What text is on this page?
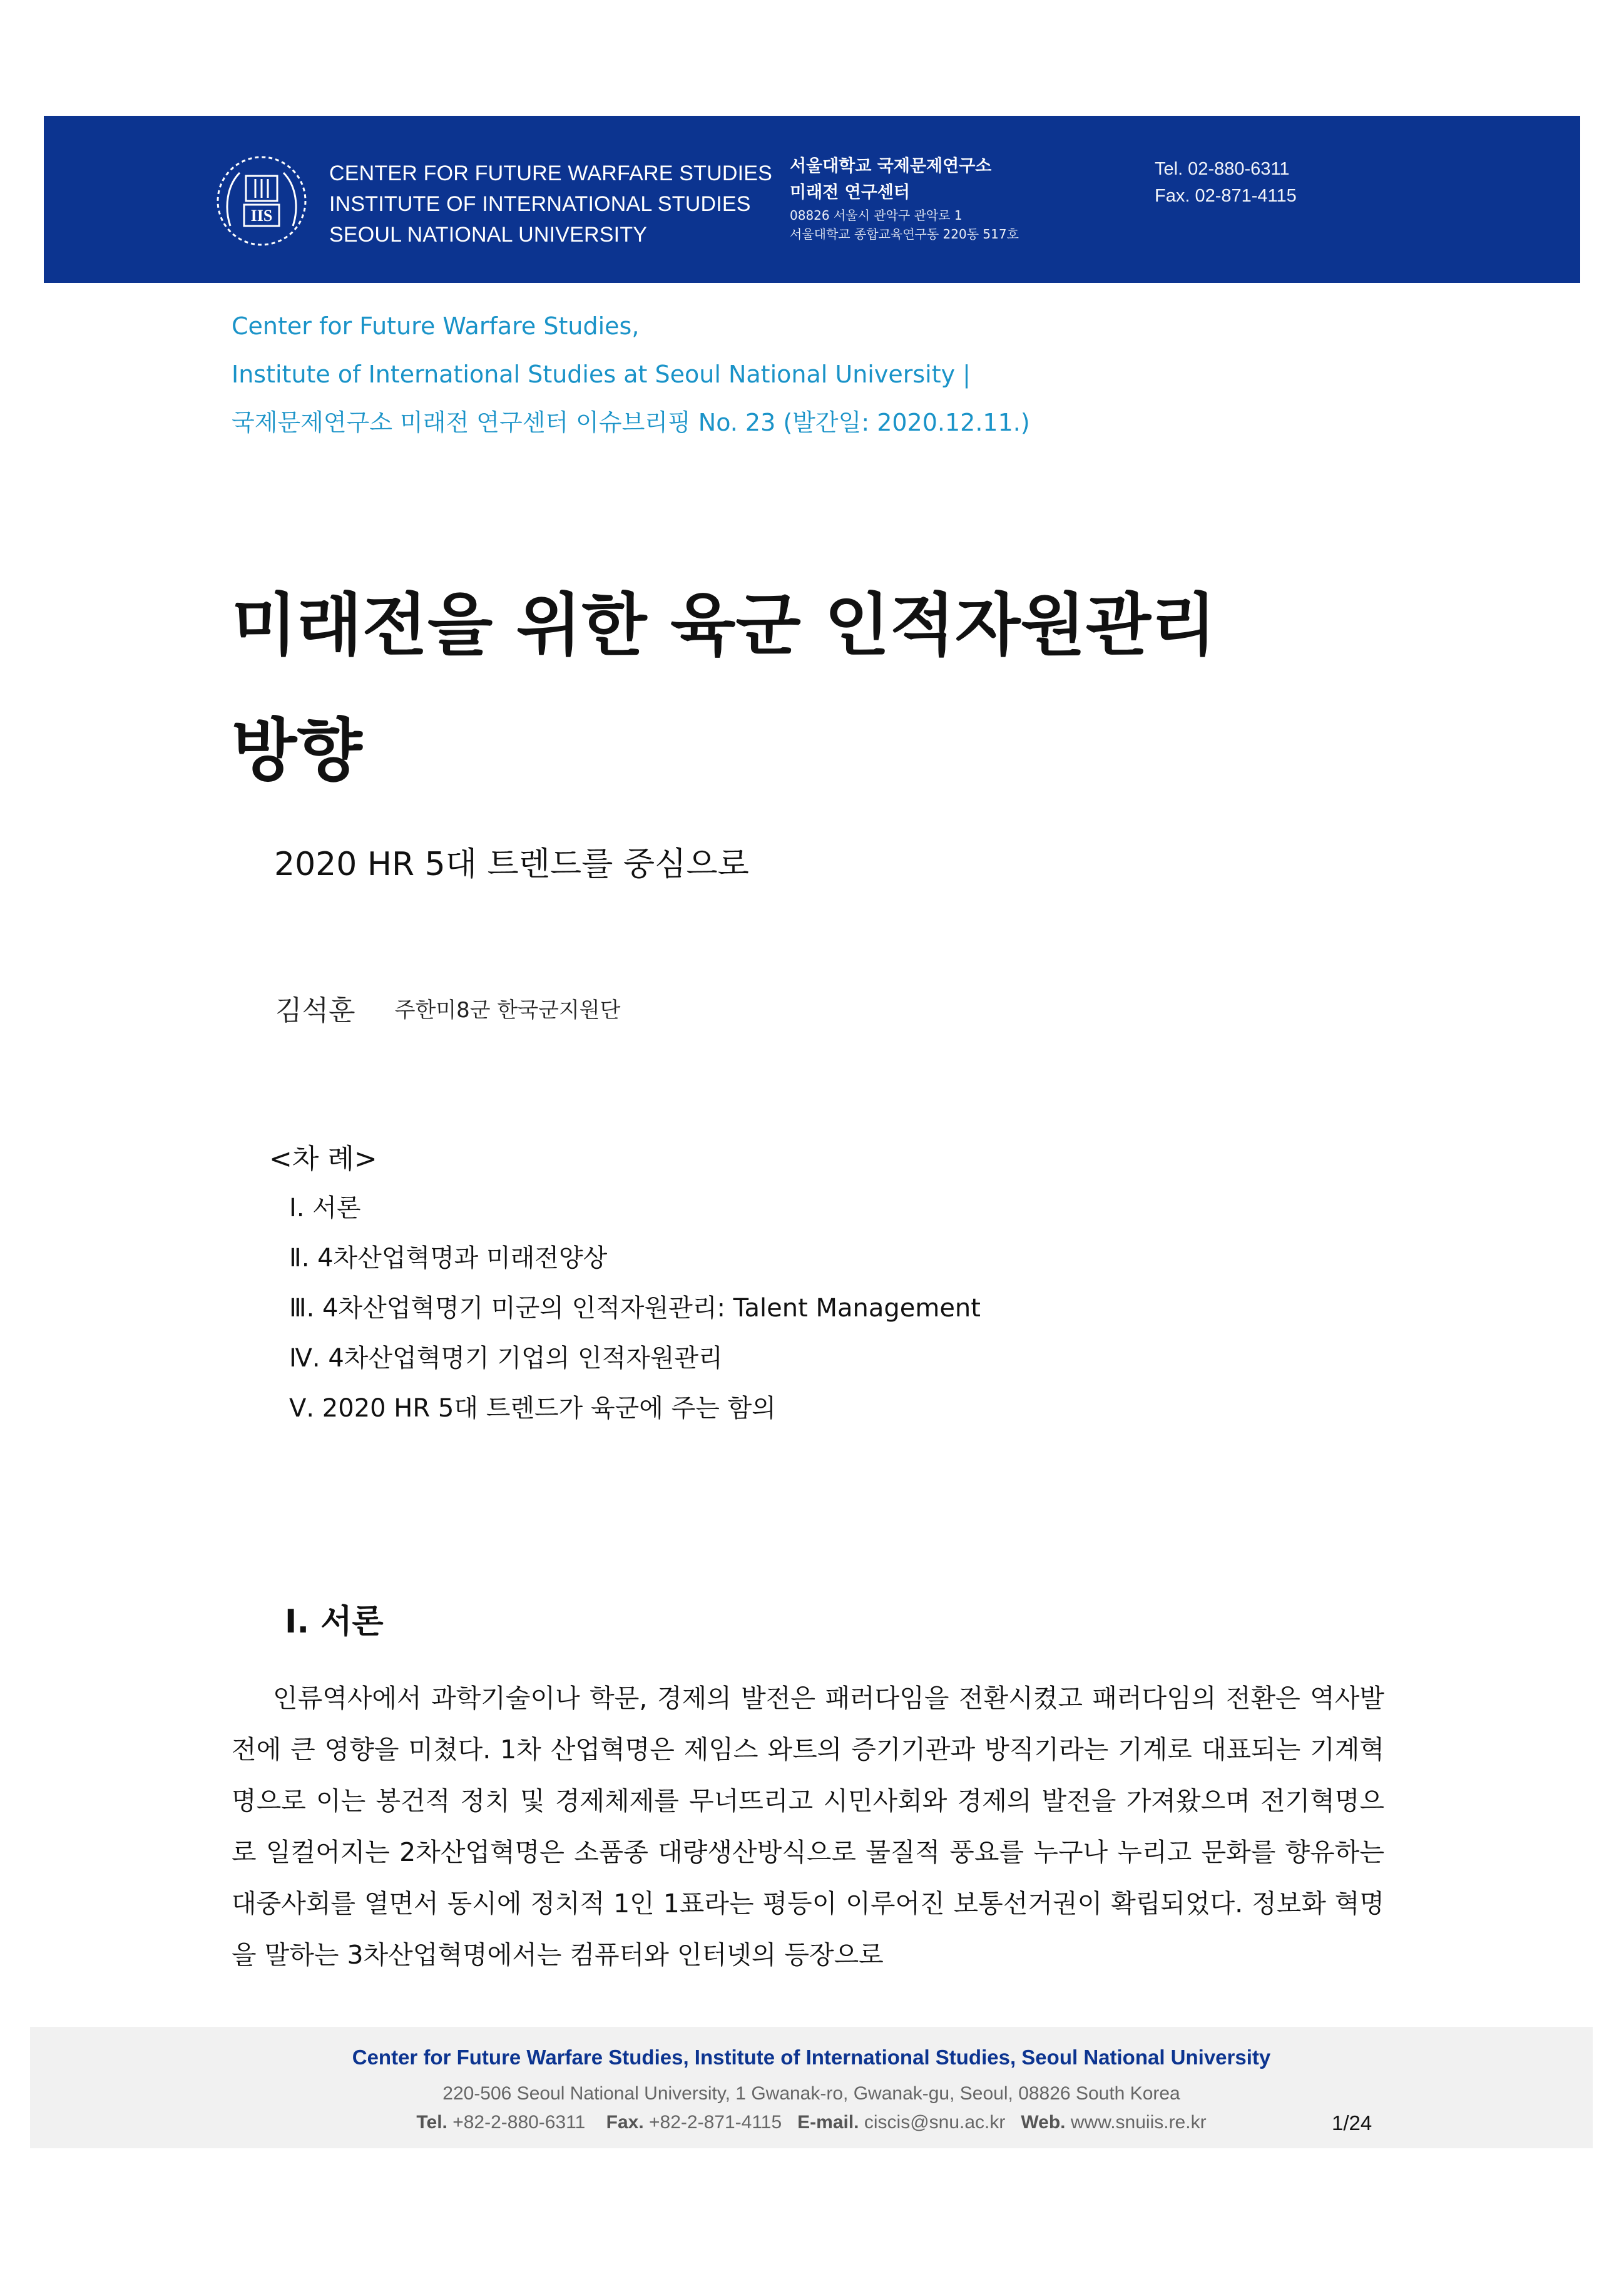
IIS
CENTER FOR FUTURE WARFARE STUDIES
INSTITUTE OF INTERNATIONAL STUDIES
SEOUL NATIONAL UNIVERSITY
서울대학교 국제문제연구소
미래전 연구센터
08826 서울시 관악구 관악로 1
서울대학교 종합교육연구동 220동 517호
Tel. 02-880-6311
Fax. 02-871-4115
Center for Future Warfare Studies,
Institute of International Studies at Seoul National University |
국제문제연구소 미래전 연구센터 이슈브리핑 No. 23 (발간일: 2020.12.11.)
미래전을 위한 육군 인적자원관리
방향
2020 HR 5대 트렌드를 중심으로
김석훈 주한미8군 한국군지원단
<차 례>
Ⅰ. 서론
Ⅱ. 4차산업혁명과 미래전양상
Ⅲ. 4차산업혁명기 미군의 인적자원관리: Talent Management
Ⅳ. 4차산업혁명기 기업의 인적자원관리
Ⅴ. 2020 HR 5대 트렌드가 육군에 주는 함의
Ⅰ. 서론

인류역사에서 과학기술이나 학문, 경제의 발전은 패러다임을 전환시켰고 패러다임의 전환은 역사발전에 큰 영향을 미쳤다. 1차 산업혁명은 제임스 와트의 증기기관과 방직기라는 기계로 대표되는 기계혁명으로 이는 봉건적 정치 및 경제체제를 무너뜨리고 시민사회와 경제의 발전을 가져왔으며 전기혁명으로 일컬어지는 2차산업혁명은 소품종 대량생산방식으로 물질적 풍요를 누구나 누리고 문화를 향유하는 대중사회를 열면서 동시에 정치적 1인 1표라는 평등이 이루어진 보통선거권이 확립되었다. 정보화 혁명을 말하는 3차산업혁명에서는 컴퓨터와 인터넷의 등장으로

Center for Future Warfare Studies, Institute of International Studies, Seoul National University
220-506 Seoul National University, 1 Gwanak-ro, Gwanak-gu, Seoul, 08826 South Korea
Tel. +82-2-880-6311 Fax. +82-2-871-4115 E-mail. ciscis@snu.ac.kr Web. www.snuiis.re.kr	1/24
